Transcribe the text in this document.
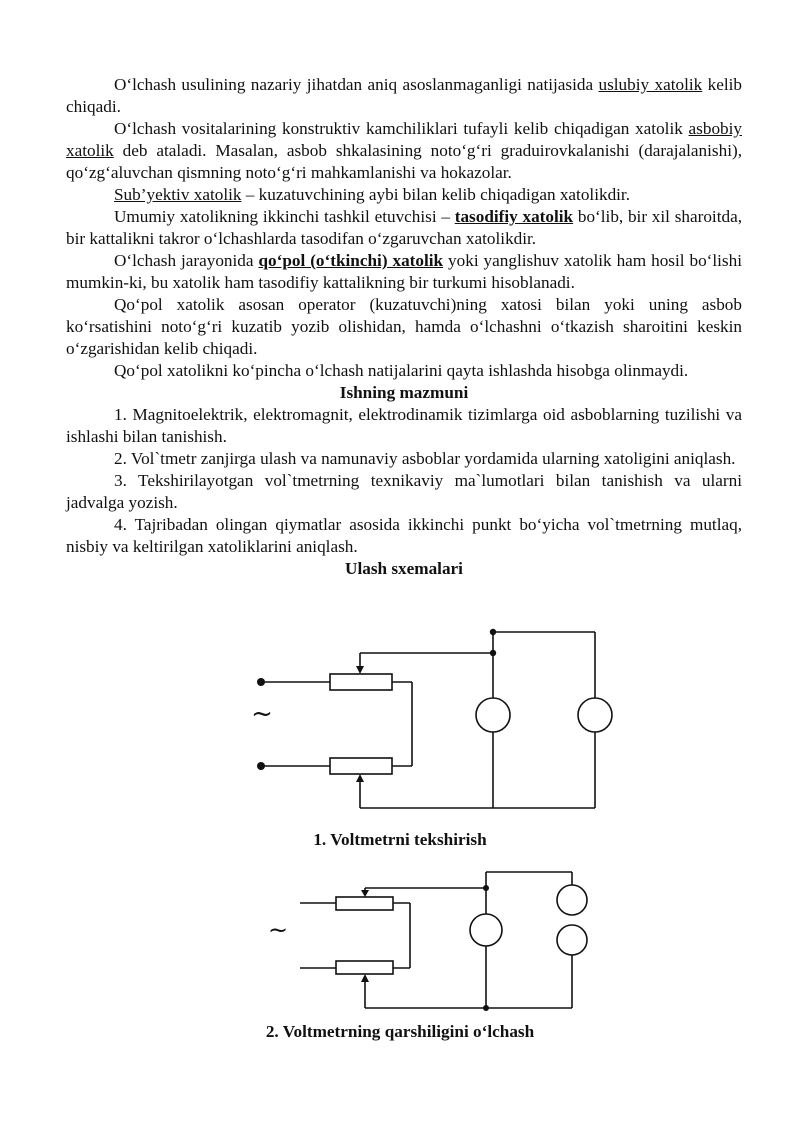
O‘lchash usulining nazariy jihatdan aniq asoslanmaganligi natijasida uslubiy xatolik kelib chiqadi.

O‘lchash vositalarining konstruktiv kamchiliklari tufayli kelib chiqadigan xatolik asbobiy xatolik deb ataladi. Masalan, asbob shkalasining noto‘g‘ri graduirovkalanishi (darajalanishi), qo‘zg‘aluvchan qismning noto‘g‘ri mahkamlanishi va hokazolar.

Sub’yektiv xatolik – kuzatuvchining aybi bilan kelib chiqadigan xatolikdir.

Umumiy xatolikning ikkinchi tashkil etuvchisi – tasodifiy xatolik bo‘lib, bir xil sharoitda, bir kattalikni takror o‘lchashlarda tasodifan o‘zgaruvchan xatolikdir.

O‘lchash jarayonida qo‘pol (o‘tkinchi) xatolik yoki yanglishuv xatolik ham hosil bo‘lishi mumkin-ki, bu xatolik ham tasodifiy kattalikning bir turkumi hisoblanadi.

Qo‘pol xatolik asosan operator (kuzatuvchi)ning xatosi bilan yoki uning asbob ko‘rsatishini noto‘g‘ri kuzatib yozib olishidan, hamda o‘lchashni o‘tkazish sharoitini keskin o‘zgarishidan kelib chiqadi.

Qo‘pol xatolikni ko‘pincha o‘lchash natijalarini qayta ishlashda hisobga olinmaydi.

Ishning mazmuni

1. Magnitoelektrik, elektromagnit, elektrodinamik tizimlarga oid asboblarning tuzilishi va ishlashi bilan tanishish.

2. Vol`tmetr zanjirga ulash va namunaviy asboblar yordamida ularning xatoligini aniqlash.

3. Tekshirilayotgan vol`tmetrning texnikaviy ma`lumotlari bilan tanishish va ularni jadvalga yozish.

4. Tajribadan olingan qiymatlar asosida ikkinchi punkt bo‘yicha vol`tmetrning mutlaq, nisbiy va keltirilgan xatoliklarini aniqlash.

Ulash sxemalari

~
1. Voltmetrni tekshirish
~
2. Voltmetrning qarshiligini o‘lchash
